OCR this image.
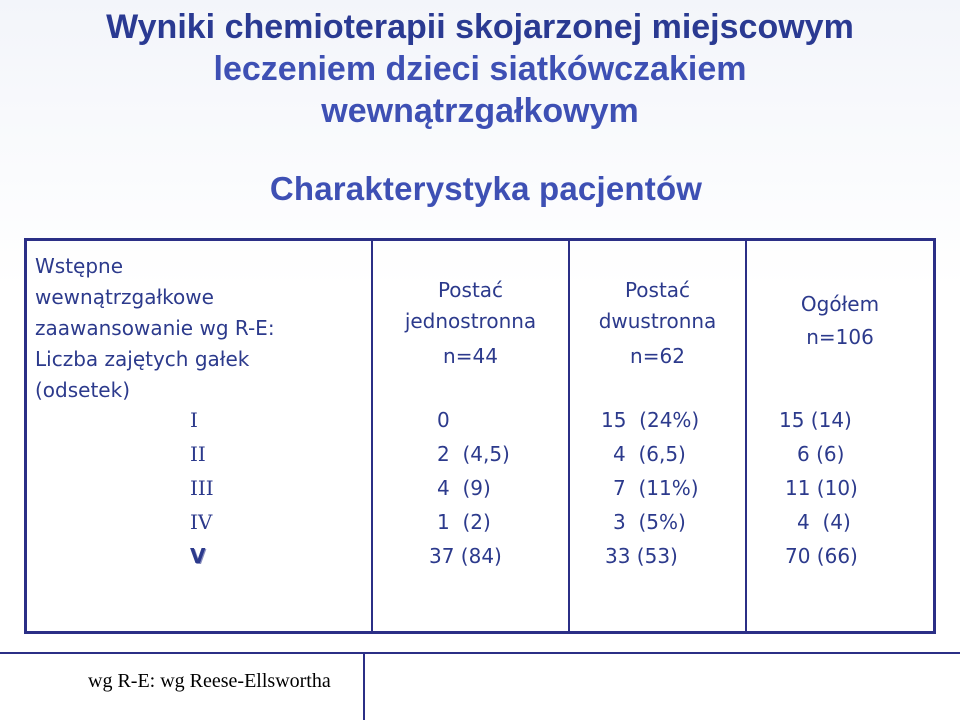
Wyniki chemioterapii skojarzonej miejscowym
leczeniem dzieci siatkówczakiem
wewnątrzgałkowym
Charakterystyka pacjentów
Wstępne
wewnątrzgałkowe
zaawansowanie wg R-E:
Liczba zajętych gałek
(odsetek)
Postać
jednostronna
n=44
Postać
dwustronna
n=62
Ogółem
n=106
I
II
III
IV
V
0
2  (4,5)
4  (9)
1  (2)
37 (84)
15  (24%)
4  (6,5)
7  (11%)
3  (5%)
33 (53)
15 (14)
6 (6)
11 (10)
4  (4)
70 (66)
wg R-E: wg Reese-Ellswortha
